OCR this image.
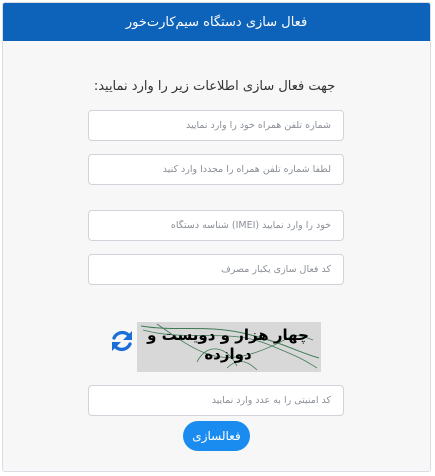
فعال سازی دستگاه سیم‌کارت‌خور
جهت فعال سازی اطلاعات زیر را وارد نمایید:
شماره تلفن همراه خود را وارد نمایید
لطفا شماره تلفن همراه را مجددا وارد کنید
خود را وارد نمایید (IMEI) شناسه دستگاه
کد فعال سازی یکبار مصرف
چهار هزار و دویست و دوازده
کد امنیتی را به عدد وارد نمایید
فعالسازی
